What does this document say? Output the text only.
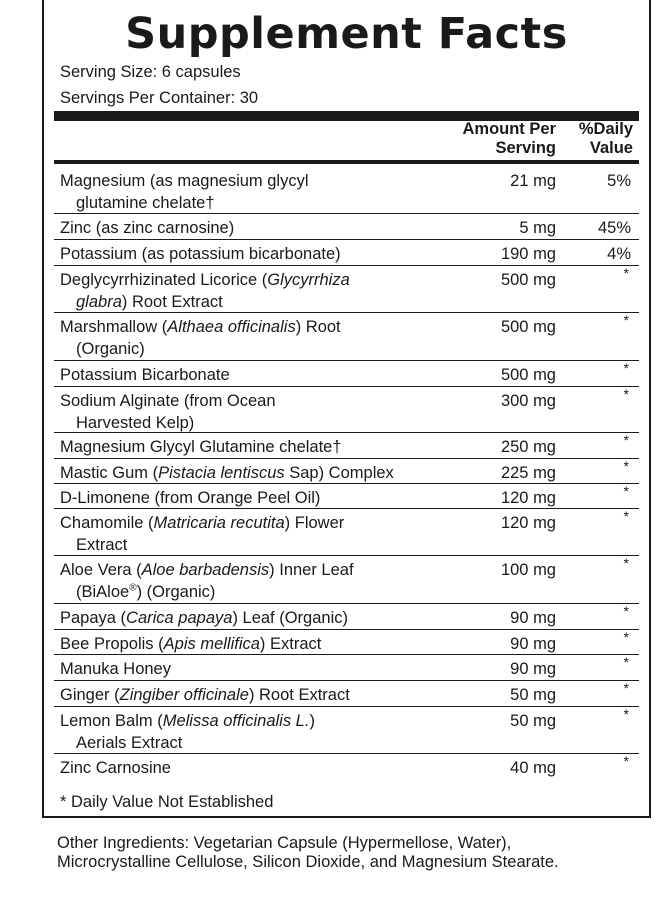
Supplement Facts
Serving Size: 6 capsules
Servings Per Container: 30
Amount Per
Serving
%Daily
Value
Magnesium (as magnesium glycyl
glutamine chelate†
21 mg	5%
Zinc (as zinc carnosine)	5 mg	45%
Potassium (as potassium bicarbonate)	190 mg	4%
Deglycyrrhizinated Licorice (Glycyrrhiza
glabra) Root Extract
500 mg	*
Marshmallow (Althaea officinalis) Root
(Organic)
500 mg	*
Potassium Bicarbonate	500 mg	*
Sodium Alginate (from Ocean
Harvested Kelp)
300 mg	*
Magnesium Glycyl Glutamine chelate†	250 mg	*
Mastic Gum (Pistacia lentiscus Sap) Complex	225 mg	*
D-Limonene (from Orange Peel Oil)	120 mg	*
Chamomile (Matricaria recutita) Flower
Extract
120 mg	*
Aloe Vera (Aloe barbadensis) Inner Leaf
(BiAloe®) (Organic)
100 mg	*
Papaya (Carica papaya) Leaf (Organic)	90 mg	*
Bee Propolis (Apis mellifica) Extract	90 mg	*
Manuka Honey	90 mg	*
Ginger (Zingiber officinale) Root Extract	50 mg	*
Lemon Balm (Melissa officinalis L.)
Aerials Extract
50 mg	*
Zinc Carnosine	40 mg	*
* Daily Value Not Established
Other Ingredients: Vegetarian Capsule (Hypermellose, Water), Microcrystalline Cellulose, Silicon Dioxide, and Magnesium Stearate.
